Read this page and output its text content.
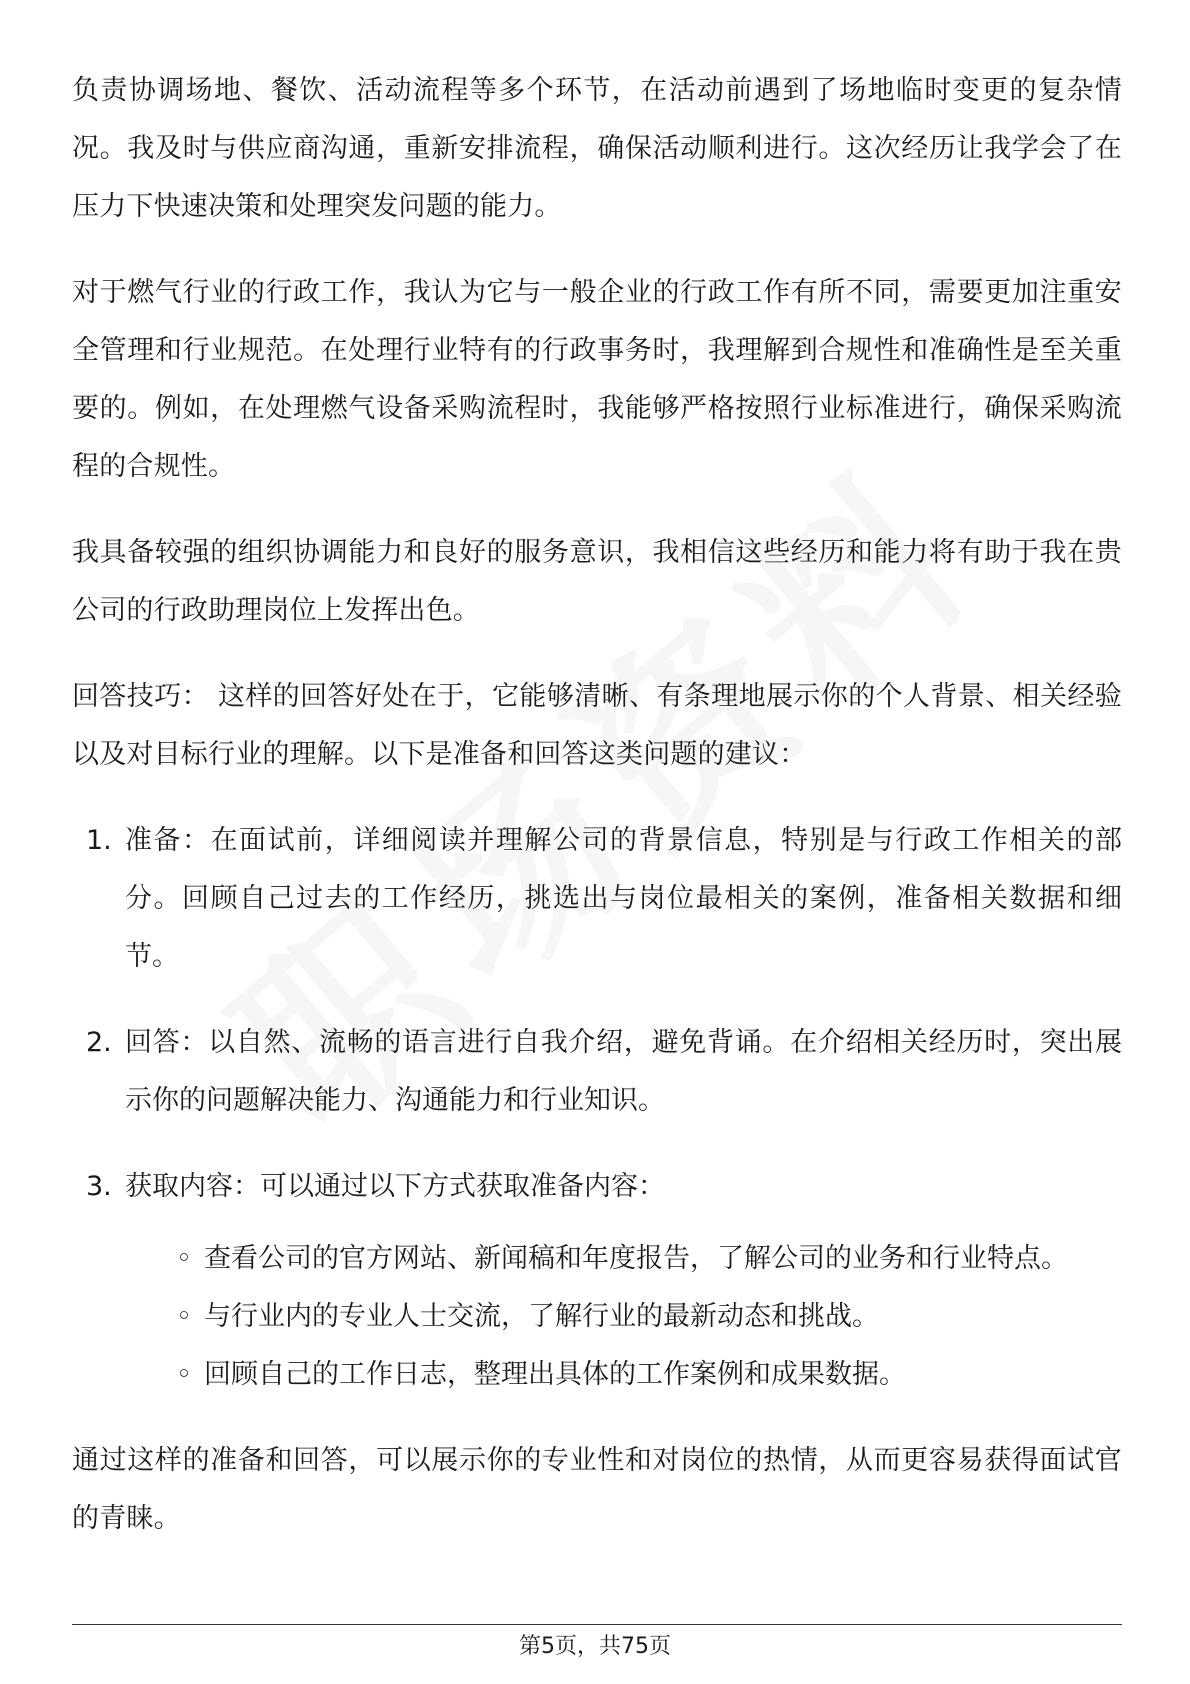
负责协调场地、餐饮、活动流程等多个环节，在活动前遇到了场地临时变更的复杂情况。我及时与供应商沟通，重新安排流程，确保活动顺利进行。这次经历让我学会了在压力下快速决策和处理突发问题的能力。

对于燃气行业的行政工作，我认为它与一般企业的行政工作有所不同，需要更加注重安全管理和行业规范。在处理行业特有的行政事务时，我理解到合规性和准确性是至关重要的。例如，在处理燃气设备采购流程时，我能够严格按照行业标准进行，确保采购流程的合规性。

我具备较强的组织协调能力和良好的服务意识，我相信这些经历和能力将有助于我在贵公司的行政助理岗位上发挥出色。

回答技巧： 这样的回答好处在于，它能够清晰、有条理地展示你的个人背景、相关经验以及对目标行业的理解。以下是准备和回答这类问题的建议：

1. 准备：在面试前，详细阅读并理解公司的背景信息，特别是与行政工作相关的部分。回顾自己过去的工作经历，挑选出与岗位最相关的案例，准备相关数据和细节。
2. 回答：以自然、流畅的语言进行自我介绍，避免背诵。在介绍相关经历时，突出展示你的问题解决能力、沟通能力和行业知识。
3. 获取内容：可以通过以下方式获取准备内容：
◦ 查看公司的官方网站、新闻稿和年度报告，了解公司的业务和行业特点。
◦ 与行业内的专业人士交流，了解行业的最新动态和挑战。
◦ 回顾自己的工作日志，整理出具体的工作案例和成果数据。

通过这样的准备和回答，可以展示你的专业性和对岗位的热情，从而更容易获得面试官的青睐。

第5页，共75页
